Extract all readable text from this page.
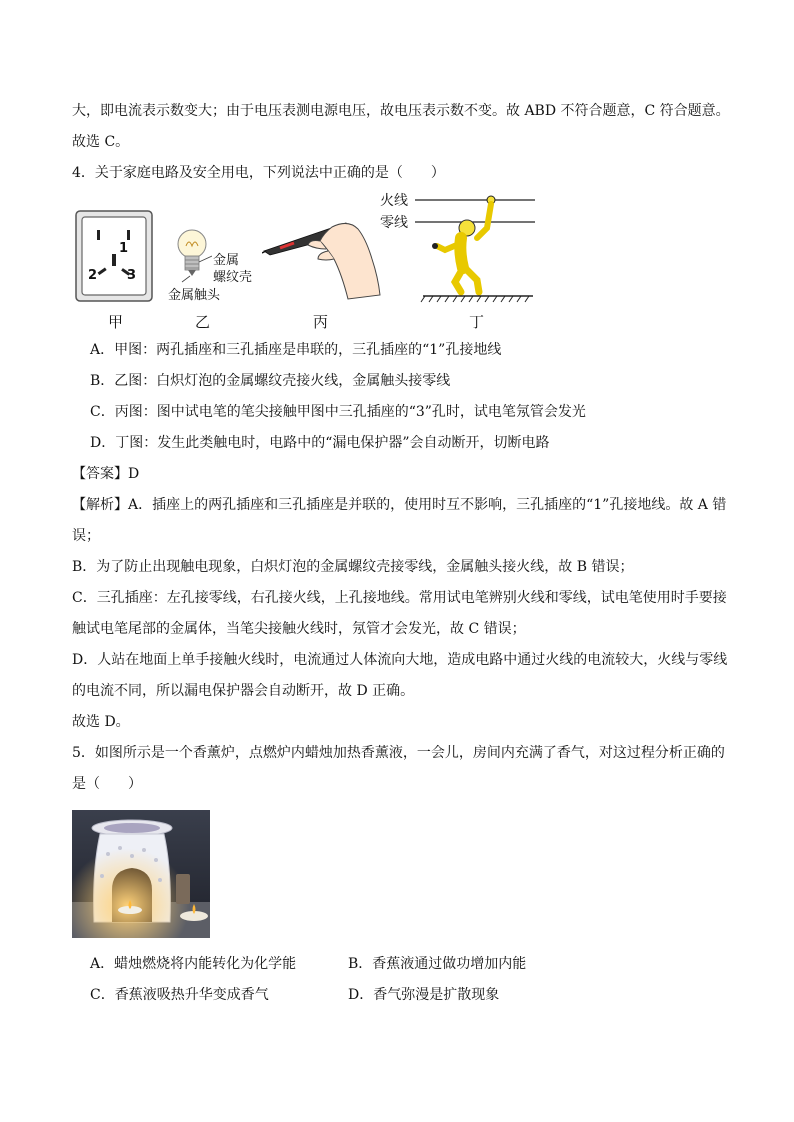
大，即电流表示数变大；由于电压表测电源电压，故电压表示数不变。故 ABD 不符合题意，C 符合题意。
故选 C。
4．关于家庭电路及安全用电，下列说法中正确的是（　　）
1
2 3
金属
螺纹壳
金属触头
火线
零线
甲	乙	丙	丁
A．甲图：两孔插座和三孔插座是串联的，三孔插座的“1”孔接地线
B．乙图：白炽灯泡的金属螺纹壳接火线，金属触头接零线
C．丙图：图中试电笔的笔尖接触甲图中三孔插座的“3”孔时，试电笔氖管会发光
D．丁图：发生此类触电时，电路中的“漏电保护器”会自动断开，切断电路
【答案】D
【解析】A．插座上的两孔插座和三孔插座是并联的，使用时互不影响，三孔插座的“1”孔接地线。故 A 错
误；
B．为了防止出现触电现象，白炽灯泡的金属螺纹壳接零线，金属触头接火线，故 B 错误；
C．三孔插座：左孔接零线，右孔接火线，上孔接地线。常用试电笔辨别火线和零线，试电笔使用时手要接
触试电笔尾部的金属体，当笔尖接触火线时，氖管才会发光，故 C 错误；
D．人站在地面上单手接触火线时，电流通过人体流向大地，造成电路中通过火线的电流较大，火线与零线
的电流不同，所以漏电保护器会自动断开，故 D 正确。
故选 D。
5．如图所示是一个香薰炉，点燃炉内蜡烛加热香薰液，一会儿，房间内充满了香气，对这过程分析正确的
是（　　）
A．蜡烛燃烧将内能转化为化学能	B．香蕉液通过做功增加内能
C．香蕉液吸热升华变成香气	D．香气弥漫是扩散现象
